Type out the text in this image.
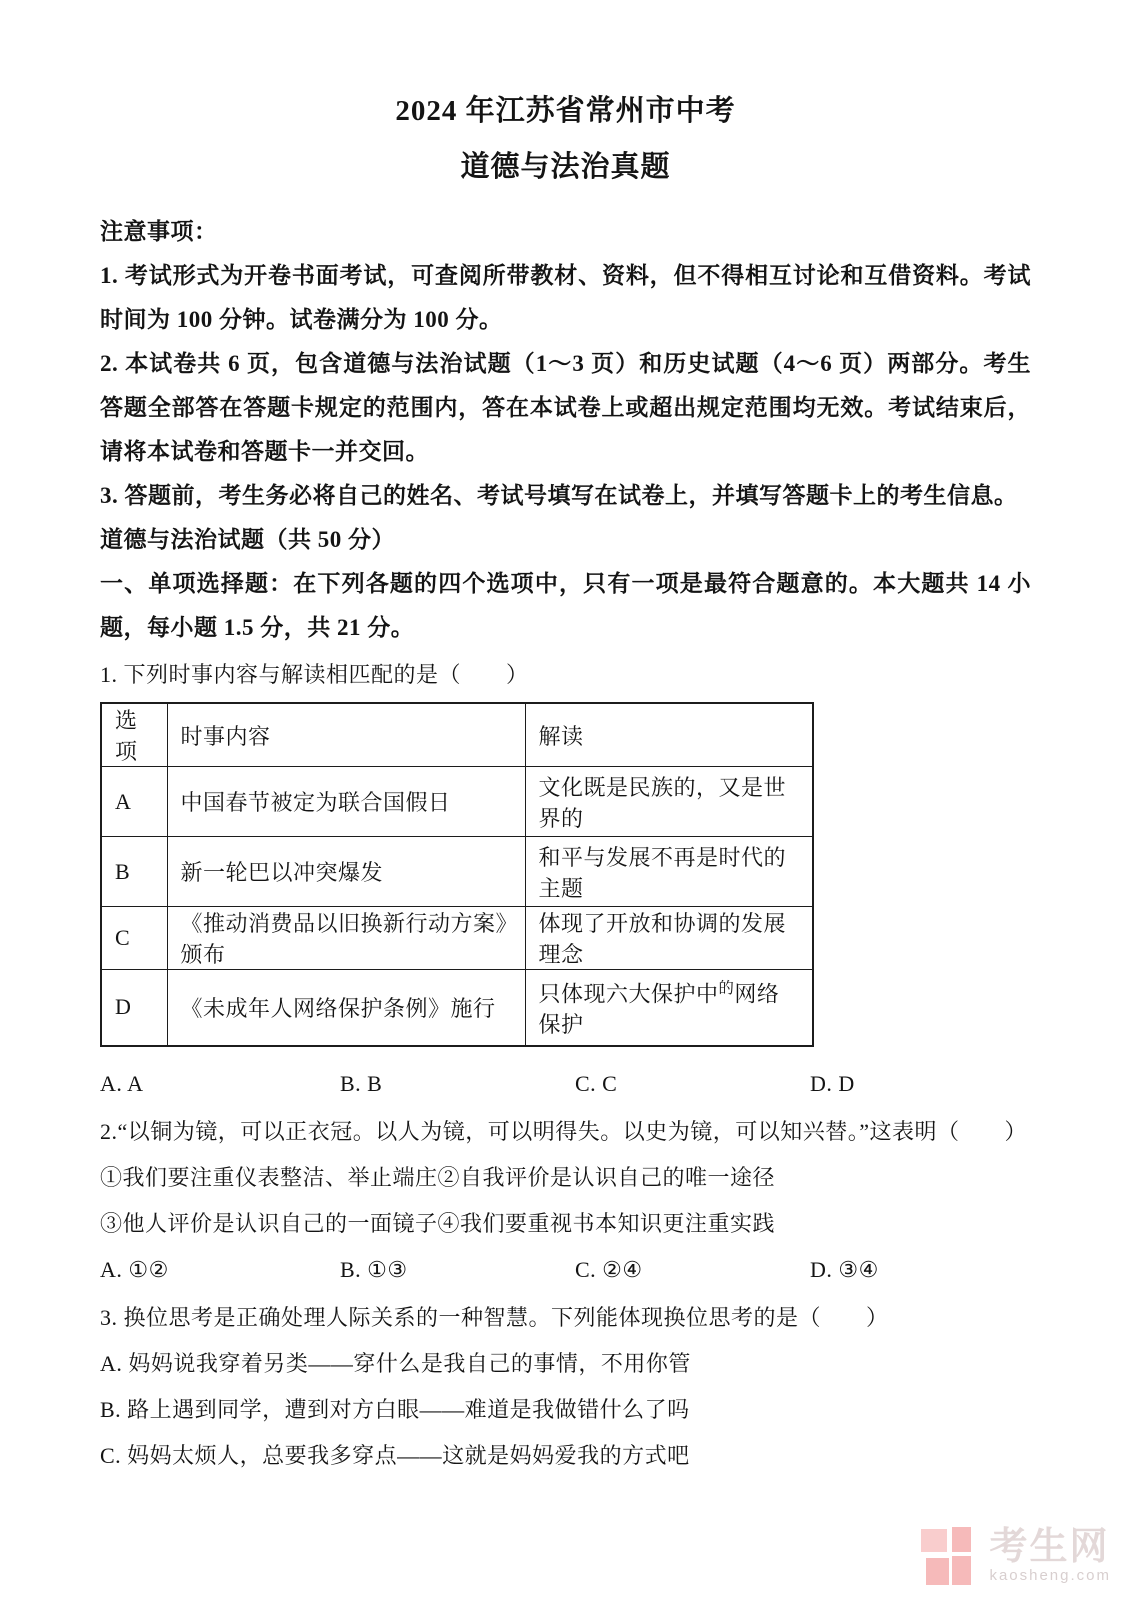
2024 年江苏省常州市中考
道德与法治真题

注意事项：

1. 考试形式为开卷书面考试，可查阅所带教材、资料，但不得相互讨论和互借资料。考试时间为 100 分钟。试卷满分为 100 分。

2. 本试卷共 6 页，包含道德与法治试题（1～3 页）和历史试题（4～6 页）两部分。考生答题全部答在答题卡规定的范围内，答在本试卷上或超出规定范围均无效。考试结束后，请将本试卷和答题卡一并交回。

3. 答题前，考生务必将自己的姓名、考试号填写在试卷上，并填写答题卡上的考生信息。

道德与法治试题（共 50 分）

一、单项选择题：在下列各题的四个选项中，只有一项是最符合题意的。本大题共 14 小题，每小题 1.5 分，共 21 分。

1. 下列时事内容与解读相匹配的是（　　）

选项	时事内容	解读
A	中国春节被定为联合国假日	文化既是民族的，又是世界的
B	新一轮巴以冲突爆发	和平与发展不再是时代的主题
C	《推动消费品以旧换新行动方案》颁布	体现了开放和协调的发展理念
D	《未成年人网络保护条例》施行	只体现六大保护中$^的$网络保护
A. A	B. B	C. C	D. D

2.“以铜为镜，可以正衣冠。以人为镜，可以明得失。以史为镜，可以知兴替。”这表明（　　）

①我们要注重仪表整洁、举止端庄②自我评价是认识自己的唯一途径

③他人评价是认识自己的一面镜子④我们要重视书本知识更注重实践

A. ①②	B. ①③	C. ②④	D. ③④

3. 换位思考是正确处理人际关系的一种智慧。下列能体现换位思考的是（　　）

A. 妈妈说我穿着另类——穿什么是我自己的事情，不用你管

B. 路上遇到同学，遭到对方白眼——难道是我做错什么了吗

C. 妈妈太烦人，总要我多穿点——这就是妈妈爱我的方式吧

考生网
kaosheng.com
